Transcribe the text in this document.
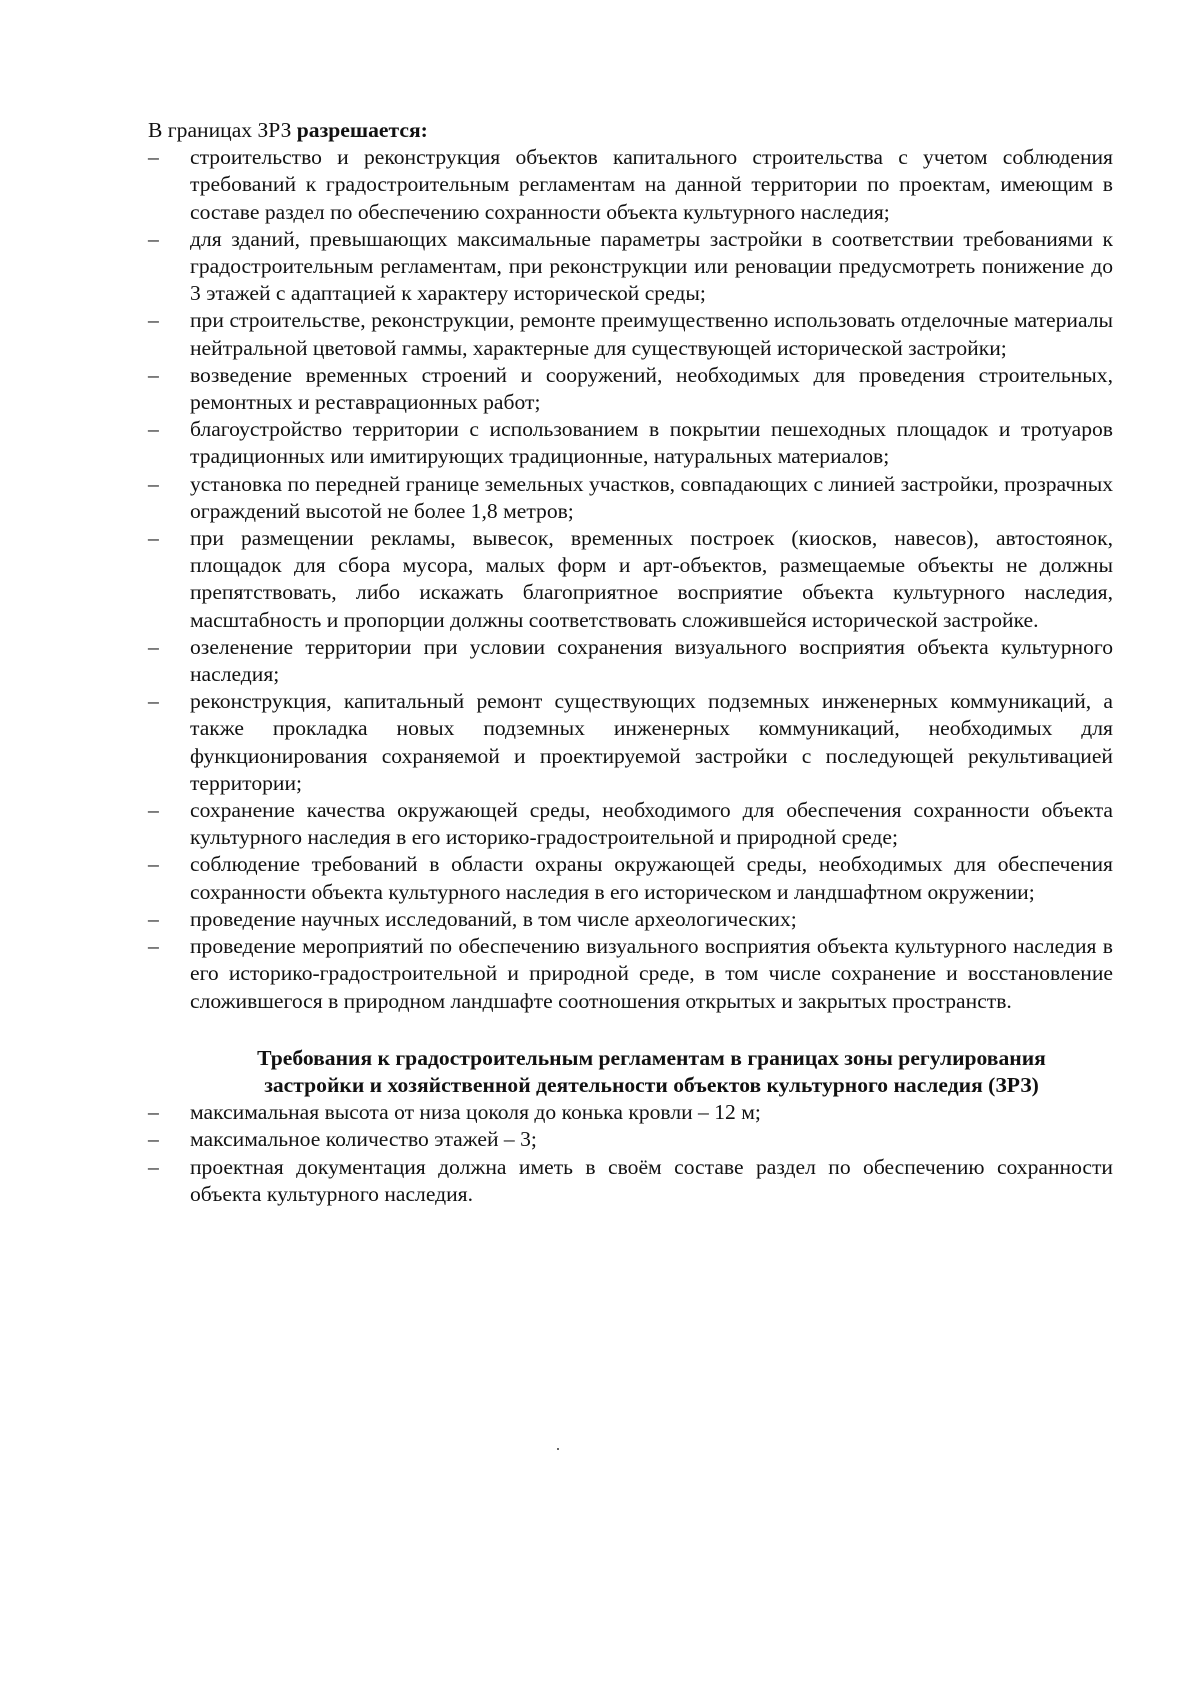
В границах ЗРЗ разрешается:

–	строительство и реконструкция объектов капитального строительства с учетом соблюдения требований к градостроительным регламентам на данной территории по проектам, имеющим в составе раздел по обеспечению сохранности объекта культурного наследия;
–	для зданий, превышающих максимальные параметры застройки в соответствии требованиями к градостроительным регламентам, при реконструкции или реновации предусмотреть понижение до 3 этажей с адаптацией к характеру исторической среды;
–	при строительстве, реконструкции, ремонте преимущественно использовать отделочные материалы нейтральной цветовой гаммы, характерные для существующей исторической застройки;
–	возведение временных строений и сооружений, необходимых для проведения строительных, ремонтных и реставрационных работ;
–	благоустройство территории с использованием в покрытии пешеходных площадок и тротуаров традиционных или имитирующих традиционные, натуральных материалов;
–	установка по передней границе земельных участков, совпадающих с линией застройки, прозрачных ограждений высотой не более 1,8 метров;
–	при размещении рекламы, вывесок, временных построек (киосков, навесов), автостоянок, площадок для сбора мусора, малых форм и арт-объектов, размещаемые объекты не должны препятствовать, либо искажать благоприятное восприятие объекта культурного наследия, масштабность и пропорции должны соответствовать сложившейся исторической застройке.
–	озеленение территории при условии сохранения визуального восприятия объекта культурного наследия;
–	реконструкция, капитальный ремонт существующих подземных инженерных коммуникаций, а также прокладка новых подземных инженерных коммуникаций, необходимых для функционирования сохраняемой и проектируемой застройки с последующей рекультивацией территории;
–	сохранение качества окружающей среды, необходимого для обеспечения сохранности объекта культурного наследия в его историко-градостроительной и природной среде;
–	соблюдение требований в области охраны окружающей среды, необходимых для обеспечения сохранности объекта культурного наследия в его историческом и ландшафтном окружении;
–	проведение научных исследований, в том числе археологических;
–	проведение мероприятий по обеспечению визуального восприятия объекта культурного наследия в его историко-градостроительной и природной среде, в том числе сохранение и восстановление сложившегося в природном ландшафте соотношения открытых и закрытых пространств.
Требования к градостроительным регламентам в границах зоны регулирования
застройки и хозяйственной деятельности объектов культурного наследия (ЗРЗ)
–	максимальная высота от низа цоколя до конька кровли – 12 м;
–	максимальное количество этажей – 3;
–	проектная документация должна иметь в своём составе раздел по обеспечению сохранности объекта культурного наследия.
